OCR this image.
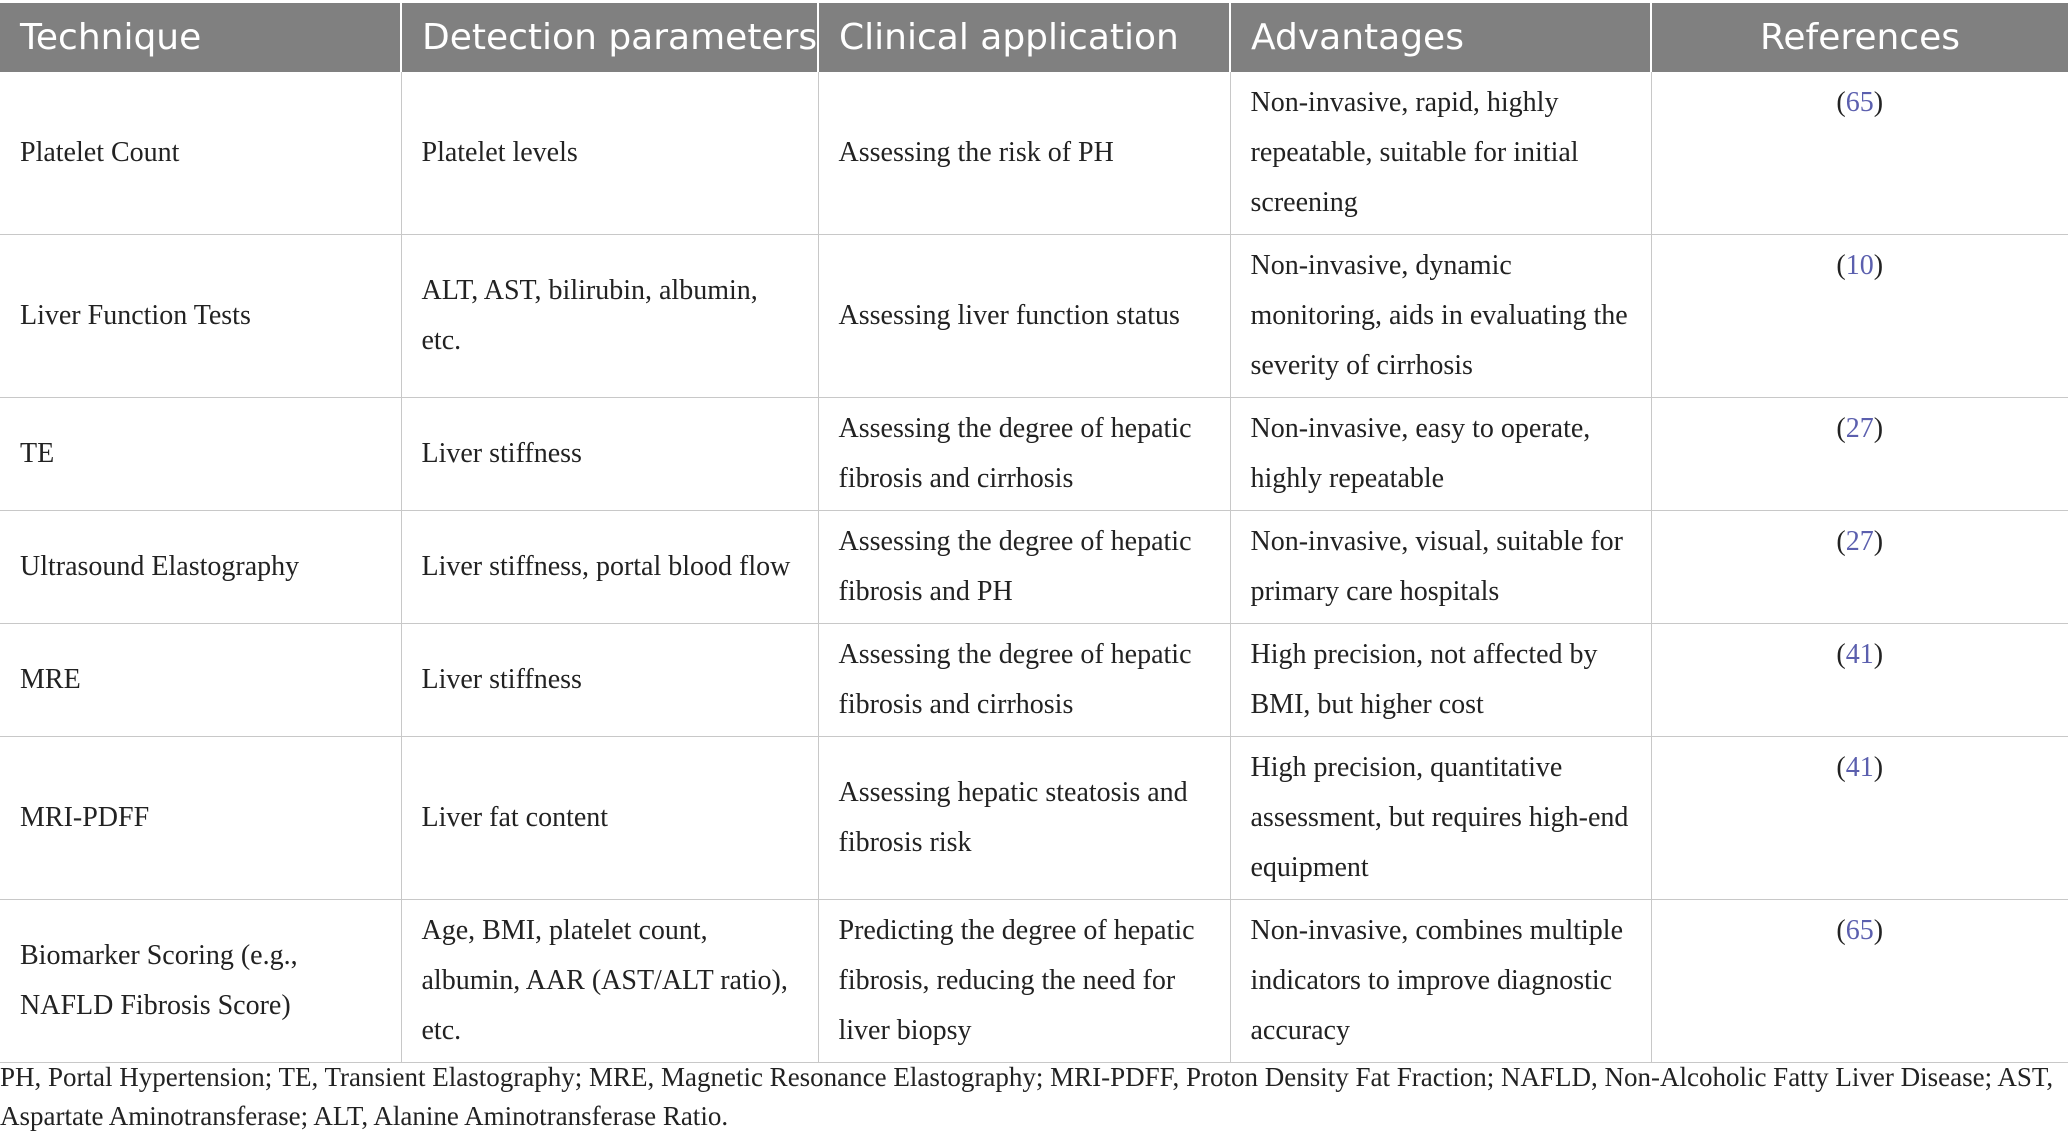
Technique	Detection parameters	Clinical application	Advantages	References
Platelet Count	Platelet levels	Assessing the risk of PH	Non-invasive, rapid, highly repeatable, suitable for initial screening	(65)
Liver Function Tests	ALT, AST, bilirubin, albumin, etc.	Assessing liver function status	Non-invasive, dynamic monitoring, aids in evaluating the severity of cirrhosis	(10)
TE	Liver stiffness	Assessing the degree of hepatic fibrosis and cirrhosis	Non-invasive, easy to operate, highly repeatable	(27)
Ultrasound Elastography	Liver stiffness, portal blood flow	Assessing the degree of hepatic fibrosis and PH	Non-invasive, visual, suitable for primary care hospitals	(27)
MRE	Liver stiffness	Assessing the degree of hepatic fibrosis and cirrhosis	High precision, not affected by BMI, but higher cost	(41)
MRI-PDFF	Liver fat content	Assessing hepatic steatosis and fibrosis risk	High precision, quantitative assessment, but requires high-end equipment	(41)
Biomarker Scoring (e.g., NAFLD Fibrosis Score)	Age, BMI, platelet count, albumin, AAR (AST/ALT ratio), etc.	Predicting the degree of hepatic fibrosis, reducing the need for liver biopsy	Non-invasive, combines multiple indicators to improve diagnostic accuracy	(65)
PH, Portal Hypertension; TE, Transient Elastography; MRE, Magnetic Resonance Elastography; MRI-PDFF, Proton Density Fat Fraction; NAFLD, Non-Alcoholic Fatty Liver Disease; AST, Aspartate Aminotransferase; ALT, Alanine Aminotransferase Ratio.
